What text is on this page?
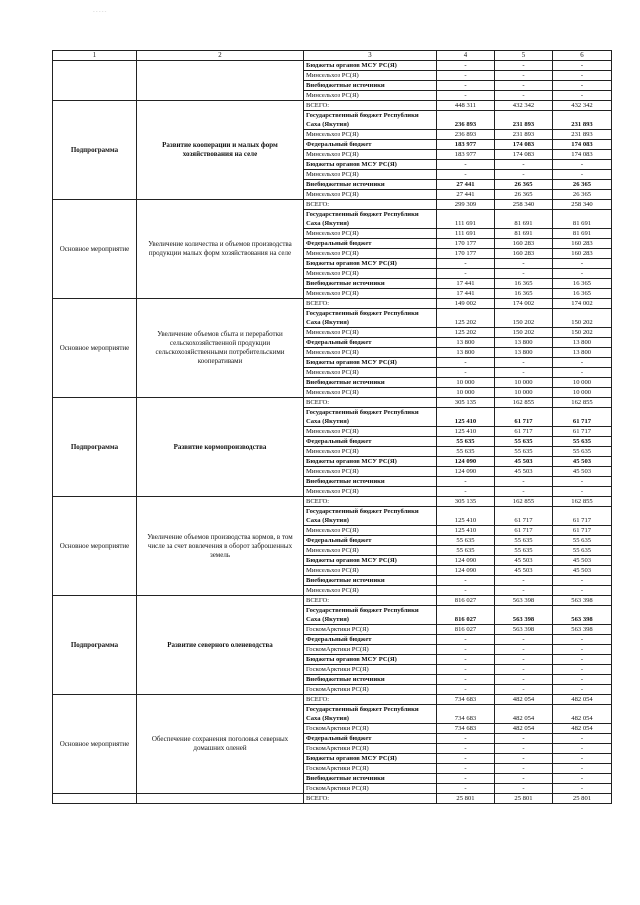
- - - - -
1	2	3	4	5	6
		Бюджеты органов МСУ РС(Я)	-	-	-
		Минсельхоз РС(Я)	-	-	-
		Внебюджетные источники	-	-	-
		Минсельхоз РС(Я)	-	-	-
Подпрограмма	Развитие кооперации и малых форм хозяйствования на селе	ВСЕГО:	448 311	432 342	432 342
		Государственный бюджет Республики Саха (Якутия)	236 893	231 893	231 893
		Минсельхоз РС(Я)	236 893	231 893	231 893
		Федеральный бюджет	183 977	174 083	174 083
		Минсельхоз РС(Я)	183 977	174 083	174 083
		Бюджеты органов МСУ РС(Я)	-	-	-
		Минсельхоз РС(Я)	-	-	-
		Внебюджетные источники	27 441	26 365	26 365
		Минсельхоз РС(Я)	27 441	26 365	26 365
Основное мероприятие	Увеличение количества и объемов производства продукции малых форм хозяйствования на селе	ВСЕГО:	299 309	258 340	258 340
		Государственный бюджет Республики Саха (Якутия)	111 691	81 691	81 691
		Минсельхоз РС(Я)	111 691	81 691	81 691
		Федеральный бюджет	170 177	160 283	160 283
		Минсельхоз РС(Я)	170 177	160 283	160 283
		Бюджеты органов МСУ РС(Я)	-	-	-
		Минсельхоз РС(Я)	-	-	-
		Внебюджетные источники	17 441	16 365	16 365
		Минсельхоз РС(Я)	17 441	16 365	16 365
Основное мероприятие	Увеличение объемов сбыта и переработки сельскохозяйственной продукции сельскохозяйственными потребительскими кооперативами	ВСЕГО:	149 002	174 002	174 002
		Государственный бюджет Республики Саха (Якутия)	125 202	150 202	150 202
		Минсельхоз РС(Я)	125 202	150 202	150 202
		Федеральный бюджет	13 800	13 800	13 800
		Минсельхоз РС(Я)	13 800	13 800	13 800
		Бюджеты органов МСУ РС(Я)	-	-	-
		Минсельхоз РС(Я)	-	-	-
		Внебюджетные источники	10 000	10 000	10 000
		Минсельхоз РС(Я)	10 000	10 000	10 000
Подпрограмма	Развитие кормопроизводства	ВСЕГО:	305 135	162 855	162 855
		Государственный бюджет Республики Саха (Якутия)	125 410	61 717	61 717
		Минсельхоз РС(Я)	125 410	61 717	61 717
		Федеральный бюджет	55 635	55 635	55 635
		Минсельхоз РС(Я)	55 635	55 635	55 635
		Бюджеты органов МСУ РС(Я)	124 090	45 503	45 503
		Минсельхоз РС(Я)	124 090	45 503	45 503
		Внебюджетные источники	-	-	-
		Минсельхоз РС(Я)	-	-	-
Основное мероприятие	Увеличение объемов производства кормов, в том числе за счет вовлечения в оборот заброшенных земель	ВСЕГО:	305 135	162 855	162 855
		Государственный бюджет Республики Саха (Якутия)	125 410	61 717	61 717
		Минсельхоз РС(Я)	125 410	61 717	61 717
		Федеральный бюджет	55 635	55 635	55 635
		Минсельхоз РС(Я)	55 635	55 635	55 635
		Бюджеты органов МСУ РС(Я)	124 090	45 503	45 503
		Минсельхоз РС(Я)	124 090	45 503	45 503
		Внебюджетные источники	-	-	-
		Минсельхоз РС(Я)	-	-	-
Подпрограмма	Развитие северного оленеводства	ВСЕГО:	816 027	563 398	563 398
		Государственный бюджет Республики Саха (Якутия)	816 027	563 398	563 398
		ГоскомАрктики РС(Я)	816 027	563 398	563 398
		Федеральный бюджет	-	-	-
		ГоскомАрктики РС(Я)	-	-	-
		Бюджеты органов МСУ РС(Я)	-	-	-
		ГоскомАрктики РС(Я)	-	-	-
		Внебюджетные источники	-	-	-
		ГоскомАрктики РС(Я)	-	-	-
Основное мероприятие	Обеспечение сохранения поголовья северных домашних оленей	ВСЕГО:	734 683	482 054	482 054
		Государственный бюджет Республики Саха (Якутия)	734 683	482 054	482 054
		ГоскомАрктики РС(Я)	734 683	482 054	482 054
		Федеральный бюджет	-	-	-
		ГоскомАрктики РС(Я)	-	-	-
		Бюджеты органов МСУ РС(Я)	-	-	-
		ГоскомАрктики РС(Я)	-	-	-
		Внебюджетные источники	-	-	-
		ГоскомАрктики РС(Я)	-	-	-
		ВСЕГО:	25 801	25 801	25 801
